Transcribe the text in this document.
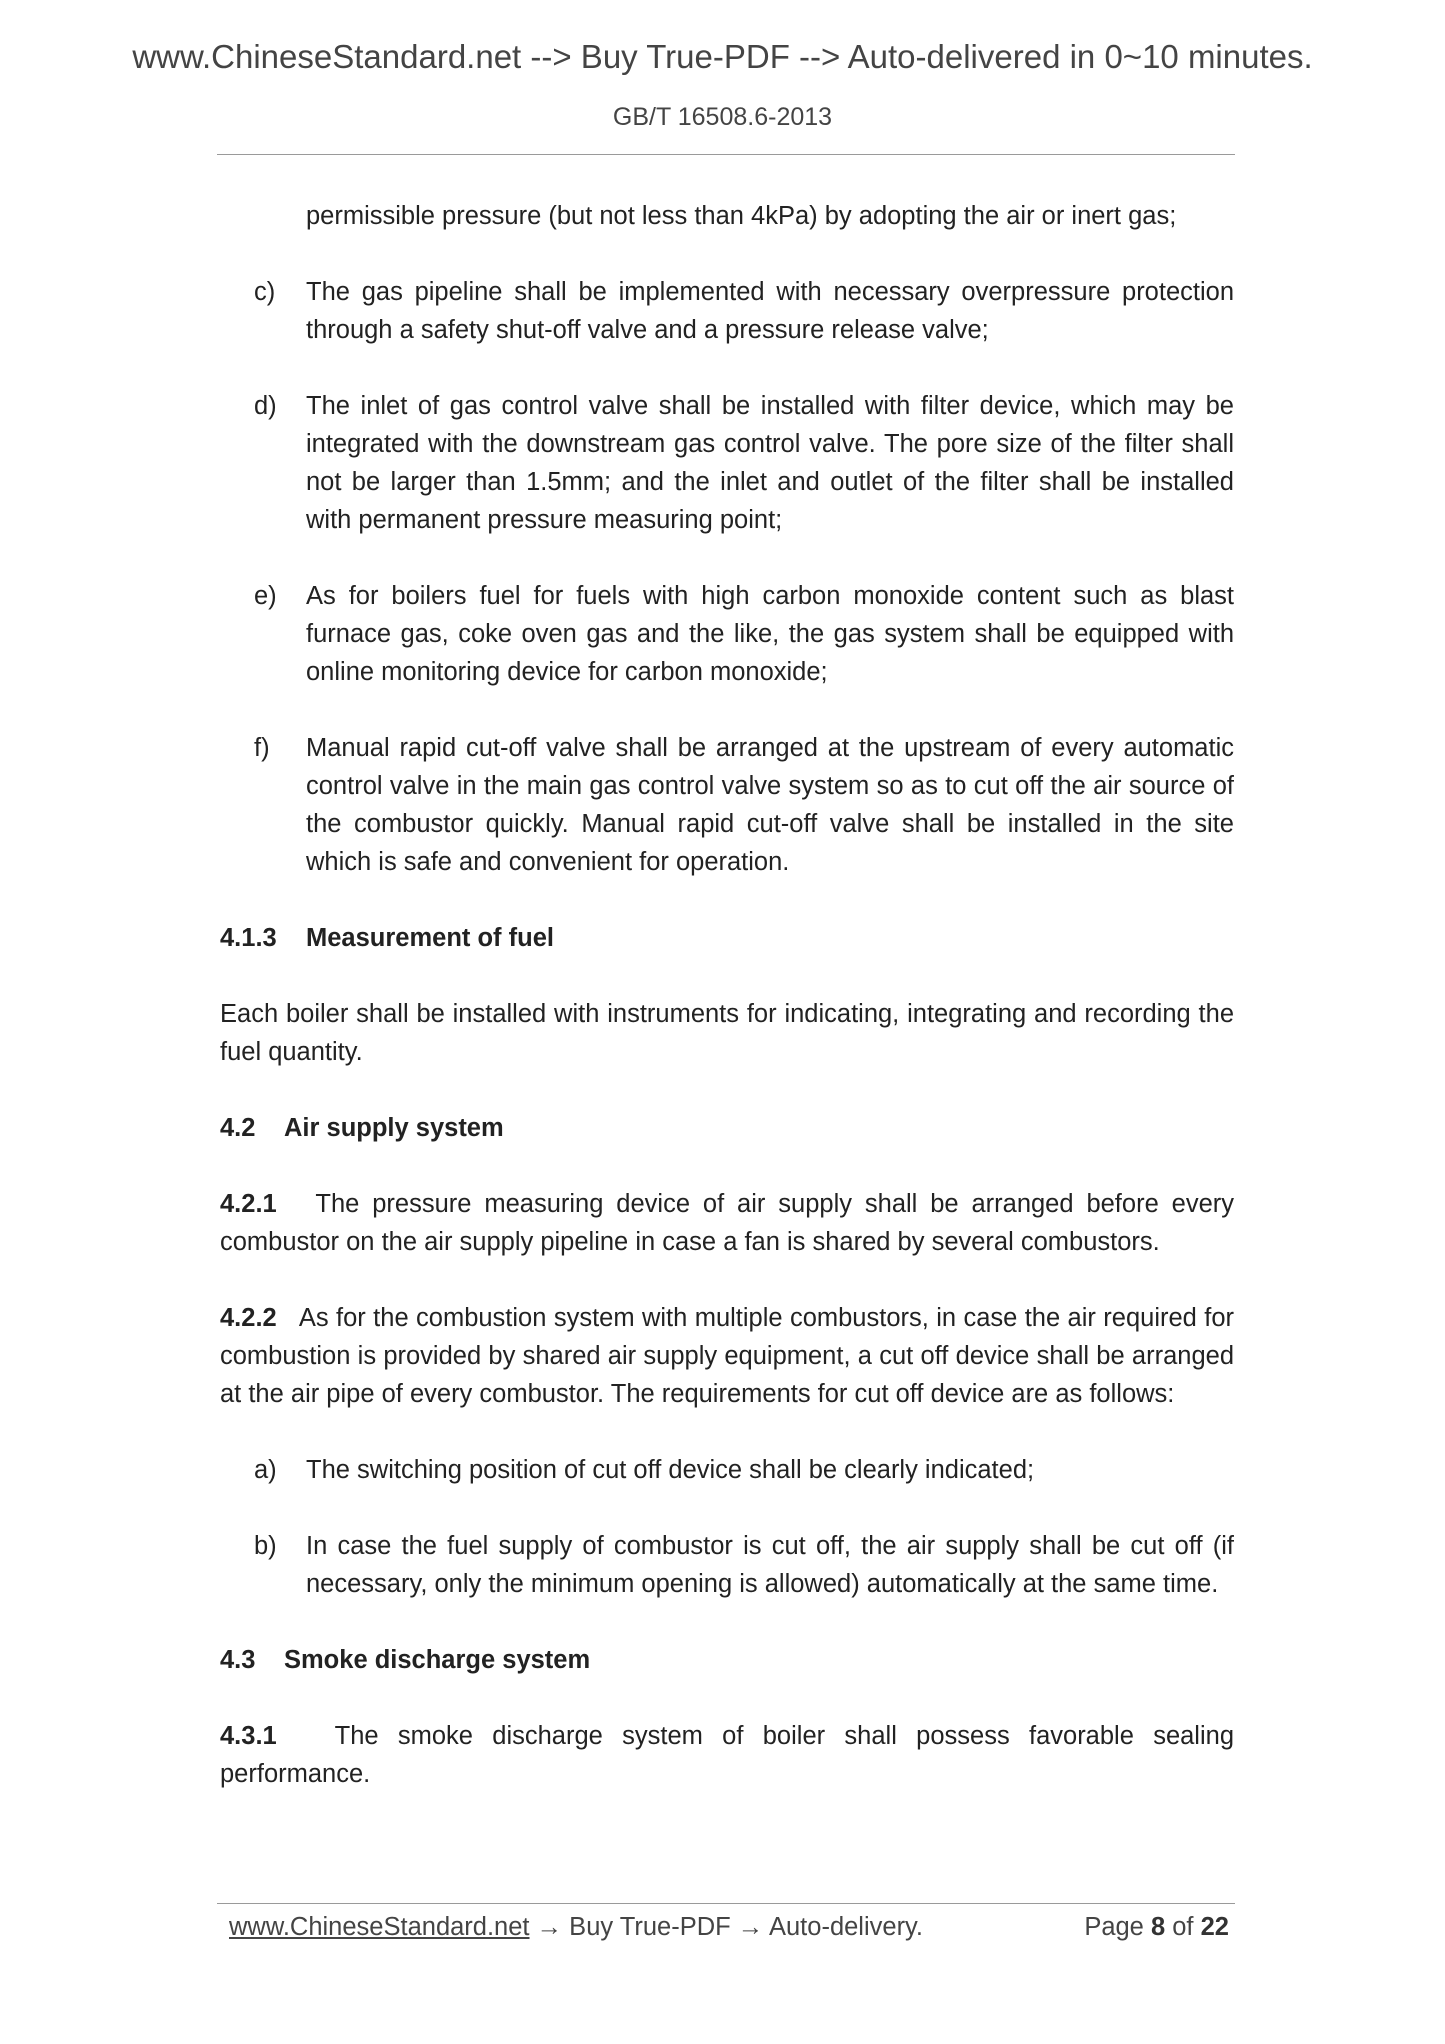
www.ChineseStandard.net --> Buy True-PDF --> Auto-delivered in 0~10 minutes.
GB/T 16508.6-2013

permissible pressure (but not less than 4kPa) by adopting the air or inert gas;

c)	The gas pipeline shall be implemented with necessary overpressure protection through a safety shut-off valve and a pressure release valve;
d)	The inlet of gas control valve shall be installed with filter device, which may be integrated with the downstream gas control valve. The pore size of the filter shall not be larger than 1.5mm; and the inlet and outlet of the filter shall be installed with permanent pressure measuring point;
e)	As for boilers fuel for fuels with high carbon monoxide content such as blast furnace gas, coke oven gas and the like, the gas system shall be equipped with online monitoring device for carbon monoxide;
f)	Manual rapid cut-off valve shall be arranged at the upstream of every automatic control valve in the main gas control valve system so as to cut off the air source of the combustor quickly. Manual rapid cut-off valve shall be installed in the site which is safe and convenient for operation.
4.1.3 Measurement of fuel

Each boiler shall be installed with instruments for indicating, integrating and recording the fuel quantity.

4.2 Air supply system

4.2.1 The pressure measuring device of air supply shall be arranged before every combustor on the air supply pipeline in case a fan is shared by several combustors.

4.2.2 As for the combustion system with multiple combustors, in case the air required for combustion is provided by shared air supply equipment, a cut off device shall be arranged at the air pipe of every combustor. The requirements for cut off device are as follows:

a)	The switching position of cut off device shall be clearly indicated;
b)	In case the fuel supply of combustor is cut off, the air supply shall be cut off (if necessary, only the minimum opening is allowed) automatically at the same time.
4.3 Smoke discharge system

4.3.1 The smoke discharge system of boiler shall possess favorable sealing performance.

www.ChineseStandard.net → Buy True-PDF → Auto-delivery.	Page 8 of 22
